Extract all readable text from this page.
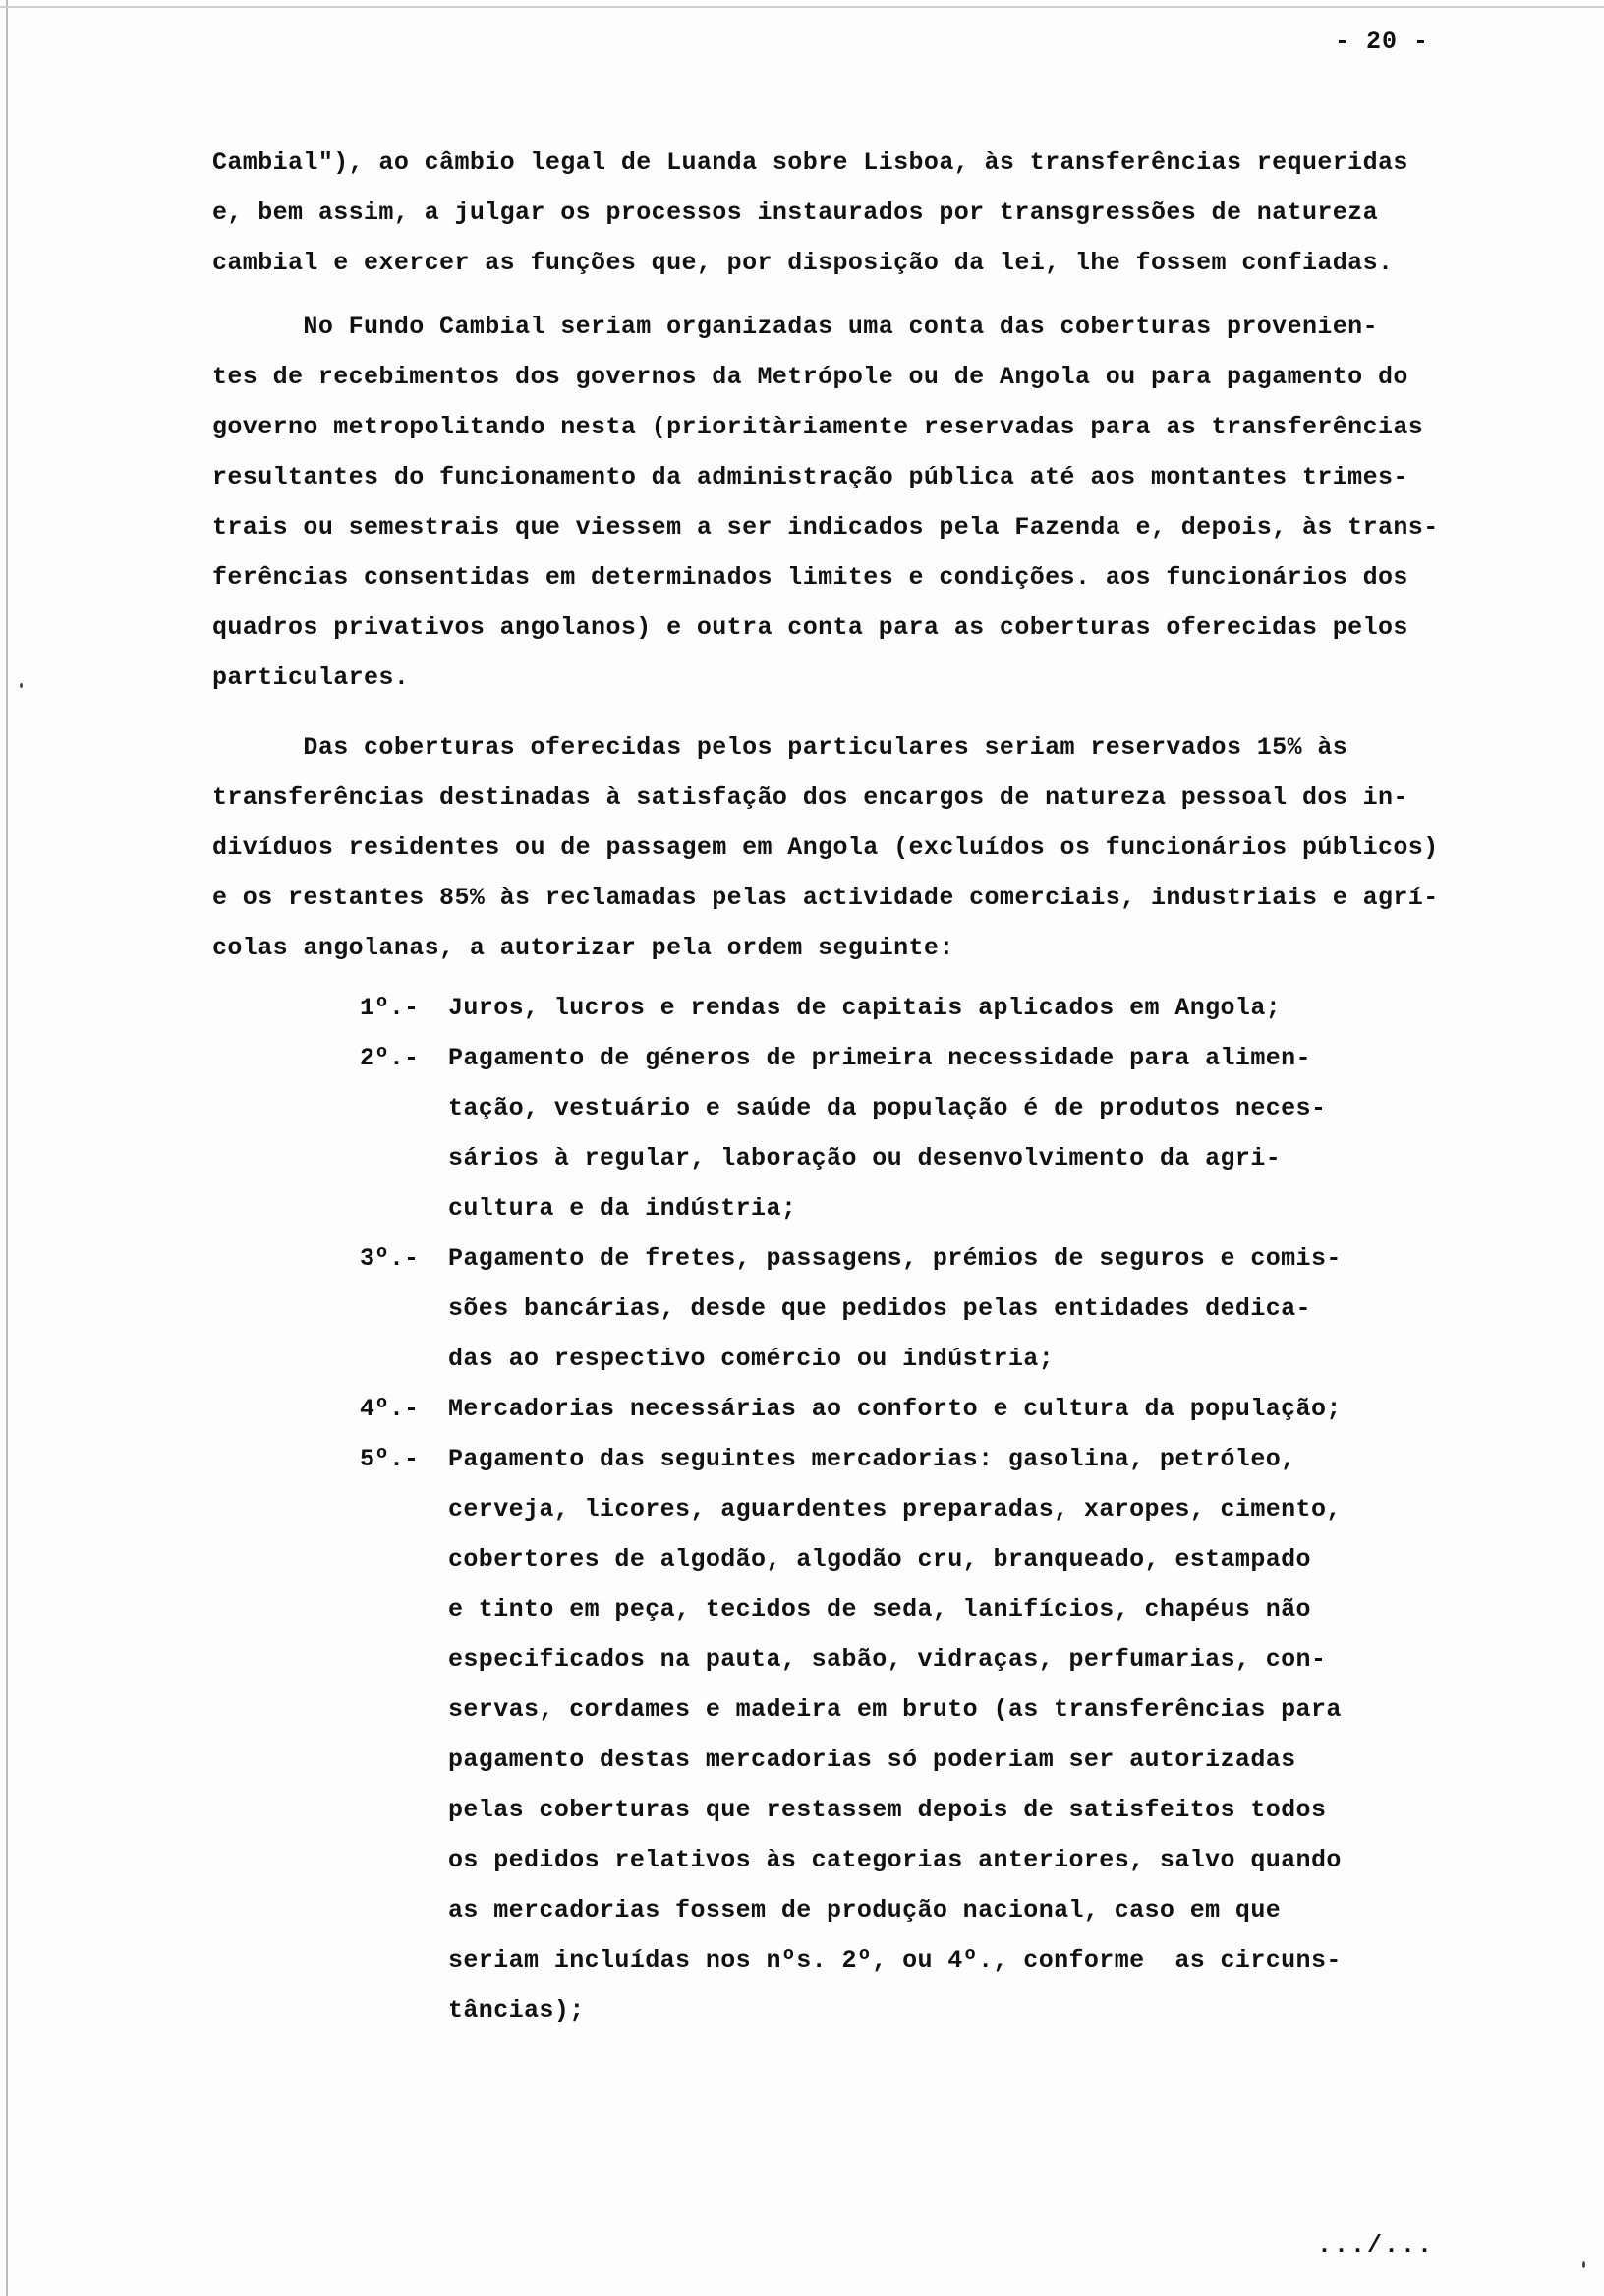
- 20 -
Cambial"), ao câmbio legal de Luanda sobre Lisboa, às transferências requeridas
e, bem assim, a julgar os processos instaurados por transgressões de natureza
cambial e exercer as funções que, por disposição da lei, lhe fossem confiadas.
No Fundo Cambial seriam organizadas uma conta das coberturas provenien-
tes de recebimentos dos governos da Metrópole ou de Angola ou para pagamento do
governo metropolitando nesta (prioritàriamente reservadas para as transferências
resultantes do funcionamento da administração pública até aos montantes trimes-
trais ou semestrais que viessem a ser indicados pela Fazenda e, depois, às trans-
ferências consentidas em determinados limites e condições. aos funcionários dos
quadros privativos angolanos) e outra conta para as coberturas oferecidas pelos
particulares.
Das coberturas oferecidas pelos particulares seriam reservados 15% às
transferências destinadas à satisfação dos encargos de natureza pessoal dos in-
divíduos residentes ou de passagem em Angola (excluídos os funcionários públicos)
e os restantes 85% às reclamadas pelas actividade comerciais, industriais e agrí-
colas angolanas, a autorizar pela ordem seguinte:
1º.-	Juros, lucros e rendas de capitais aplicados em Angola;
2º.-	Pagamento de géneros de primeira necessidade para alimen-
tação, vestuário e saúde da população é de produtos neces-
sários à regular, laboração ou desenvolvimento da agri-
cultura e da indústria;
3º.-	Pagamento de fretes, passagens, prémios de seguros e comis-
sões bancárias, desde que pedidos pelas entidades dedica-
das ao respectivo comércio ou indústria;
4º.-	Mercadorias necessárias ao conforto e cultura da população;
5º.-	Pagamento das seguintes mercadorias: gasolina, petróleo,
cerveja, licores, aguardentes preparadas, xaropes, cimento,
cobertores de algodão, algodão cru, branqueado, estampado
e tinto em peça, tecidos de seda, lanifícios, chapéus não
especificados na pauta, sabão, vidraças, perfumarias, con-
servas, cordames e madeira em bruto (as transferências para
pagamento destas mercadorias só poderiam ser autorizadas
pelas coberturas que restassem depois de satisfeitos todos
os pedidos relativos às categorias anteriores, salvo quando
as mercadorias fossem de produção nacional, caso em que
seriam incluídas nos nºs. 2º, ou 4º., conforme  as circuns-
tâncias);
.../...
